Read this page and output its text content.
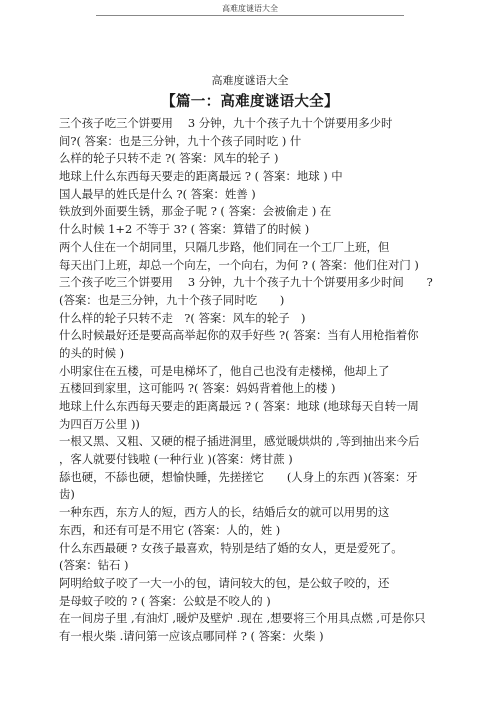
高难度谜语大全
高难度谜语大全
【篇一：高难度谜语大全】
三个孩子吃三个饼要用　 3 分钟，九十个孩子九十个饼要用多少时
间?( 答案：也是三分钟，九十个孩子同时吃 ) 什
么样的轮子只转不走 ?( 答案：风车的轮子 )
地球上什么东西每天要走的距离最远 ? ( 答案：地球 ) 中
国人最早的姓氏是什么 ?( 答案：姓善 )
铁放到外面要生锈，那金子呢 ? ( 答案：会被偷走 ) 在
什么时候 1+2 不等于 3? ( 答案：算错了的时候 )
两个人住在一个胡同里，只隔几步路，他们同在一个工厂上班，但
每天出门上班，却总一个向左，一个向右，为何 ? ( 答案：他们住对门 )
三个孩子吃三个饼要用　 3 分钟，九十个孩子九十个饼要用多少时间　　?
(答案：也是三分钟，九十个孩子同时吃　　)
什么样的轮子只转不走　?( 答案：风车的轮子　)
什么时候最好还是要高高举起你的双手好些 ?( 答案：当有人用枪指着你
的头的时候 )
小明家住在五楼，可是电梯坏了，他自己也没有走楼梯，他却上了
五楼回到家里，这可能吗 ?( 答案：妈妈背着他上的楼 )
地球上什么东西每天要走的距离最远 ? ( 答案：地球 (地球每天自转一周
为四百万公里 ))
一根又黑、又粗、又硬的棍子插进洞里，感觉暖烘烘的 ,等到抽出来今后
，客人就要付钱啦 (一种行业 )(答案：烤甘蔗 )
舔也硬，不舔也硬，想愉快睡，先搓搓它　　(人身上的东西 )(答案：牙
齿)
一种东西，东方人的短，西方人的长，结婚后女的就可以用男的这
东西，和还有可是不用它 (答案：人的，姓 )
什么东西最硬 ? 女孩子最喜欢，特别是结了婚的女人，更是爱死了。
(答案：钻石 )
阿明给蚊子咬了一大一小的包，请问较大的包，是公蚊子咬的，还
是母蚊子咬的 ? ( 答案：公蚊是不咬人的 )
在一间房子里 ,有油灯 ,暖炉及壁炉 .现在 ,想要将三个用具点燃 ,可是你只
有一根火柴 .请问第一应该点哪同样 ? ( 答案：火柴 )
